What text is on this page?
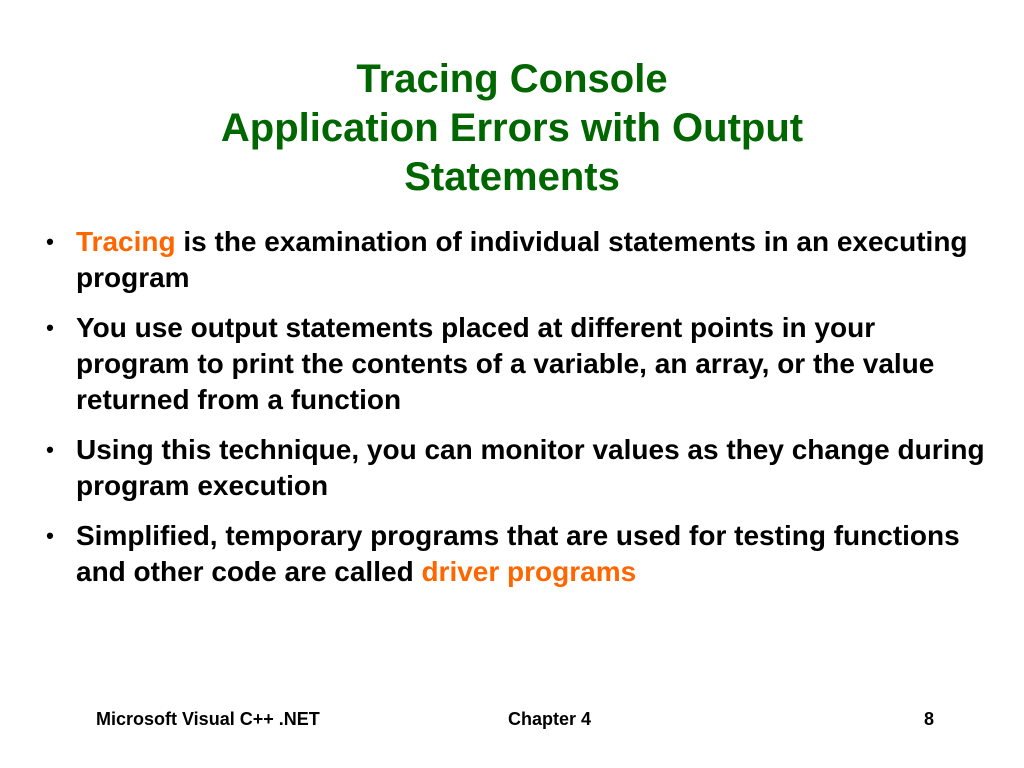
Tracing Console
Application Errors with Output
Statements
• Tracing is the examination of individual statements in an executing program
• You use output statements placed at different points in your program to print the contents of a variable, an array, or the value returned from a function
• Using this technique, you can monitor values as they change during program execution
• Simplified, temporary programs that are used for testing functions and other code are called driver programs
Microsoft Visual C++ .NET	Chapter 4	8
